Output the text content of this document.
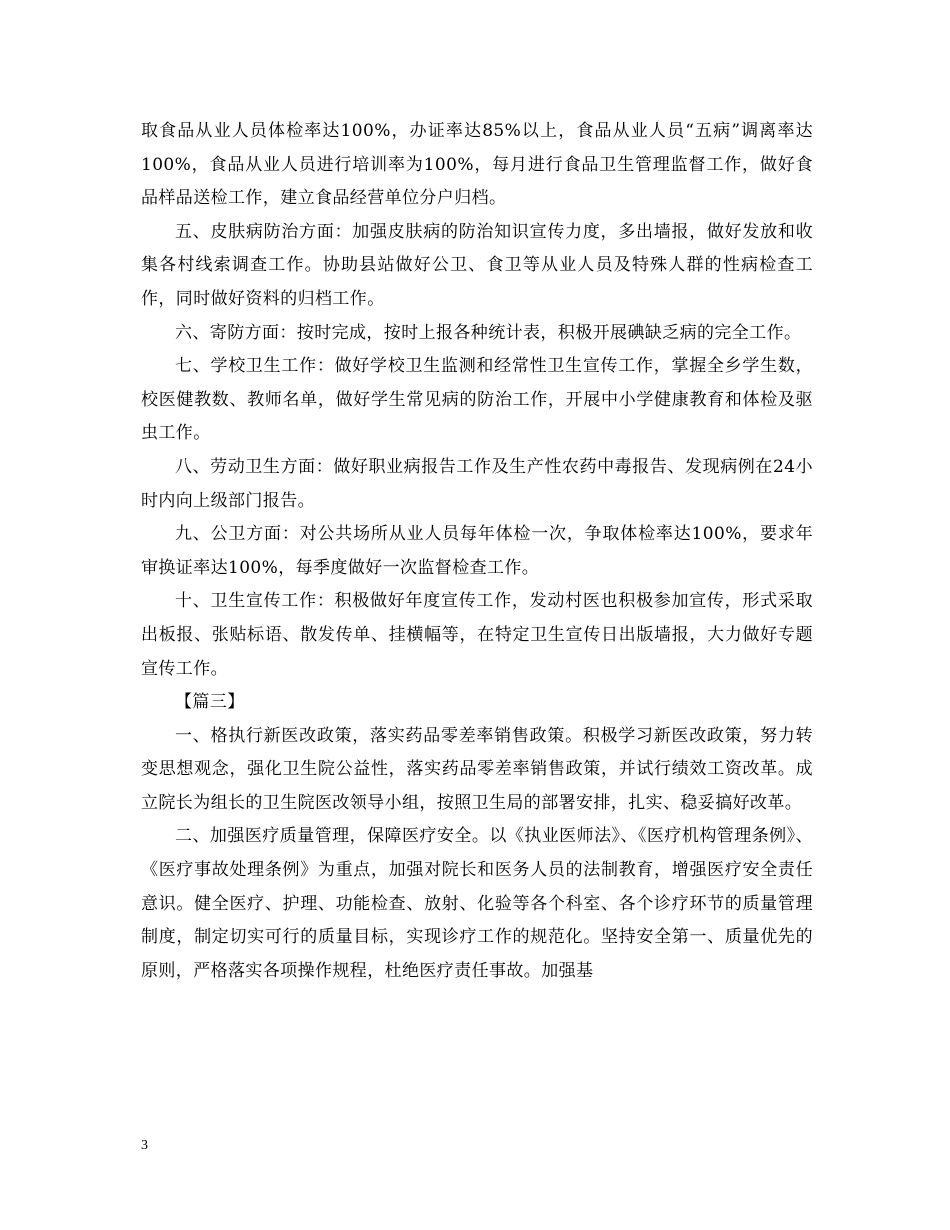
取食品从业人员体检率达100%，办证率达85%以上，食品从业人员“五病”调离率达100%，食品从业人员进行培训率为100%，每月进行食品卫生管理监督工作，做好食品样品送检工作，建立食品经营单位分户归档。

五、皮肤病防治方面：加强皮肤病的防治知识宣传力度，多出墙报，做好发放和收集各村线索调查工作。协助县站做好公卫、食卫等从业人员及特殊人群的性病检查工作，同时做好资料的归档工作。

六、寄防方面：按时完成，按时上报各种统计表，积极开展碘缺乏病的完全工作。

七、学校卫生工作：做好学校卫生监测和经常性卫生宣传工作，掌握全乡学生数，校医健教数、教师名单，做好学生常见病的防治工作，开展中小学健康教育和体检及驱虫工作。

八、劳动卫生方面：做好职业病报告工作及生产性农药中毒报告、发现病例在24小时内向上级部门报告。

九、公卫方面：对公共场所从业人员每年体检一次，争取体检率达100%，要求年审换证率达100%，每季度做好一次监督检查工作。

十、卫生宣传工作：积极做好年度宣传工作，发动村医也积极参加宣传，形式采取出板报、张贴标语、散发传单、挂横幅等，在特定卫生宣传日出版墙报，大力做好专题宣传工作。

【篇三】

一、格执行新医改政策，落实药品零差率销售政策。积极学习新医改政策，努力转变思想观念，强化卫生院公益性，落实药品零差率销售政策，并试行绩效工资改革。成立院长为组长的卫生院医改领导小组，按照卫生局的部署安排，扎实、稳妥搞好改革。

二、加强医疗质量管理，保障医疗安全。以《执业医师法》、《医疗机构管理条例》、《医疗事故处理条例》为重点，加强对院长和医务人员的法制教育，增强医疗安全责任意识。健全医疗、护理、功能检查、放射、化验等各个科室、各个诊疗环节的质量管理制度，制定切实可行的质量目标，实现诊疗工作的规范化。坚持安全第一、质量优先的原则，严格落实各项操作规程，杜绝医疗责任事故。加强基

3
